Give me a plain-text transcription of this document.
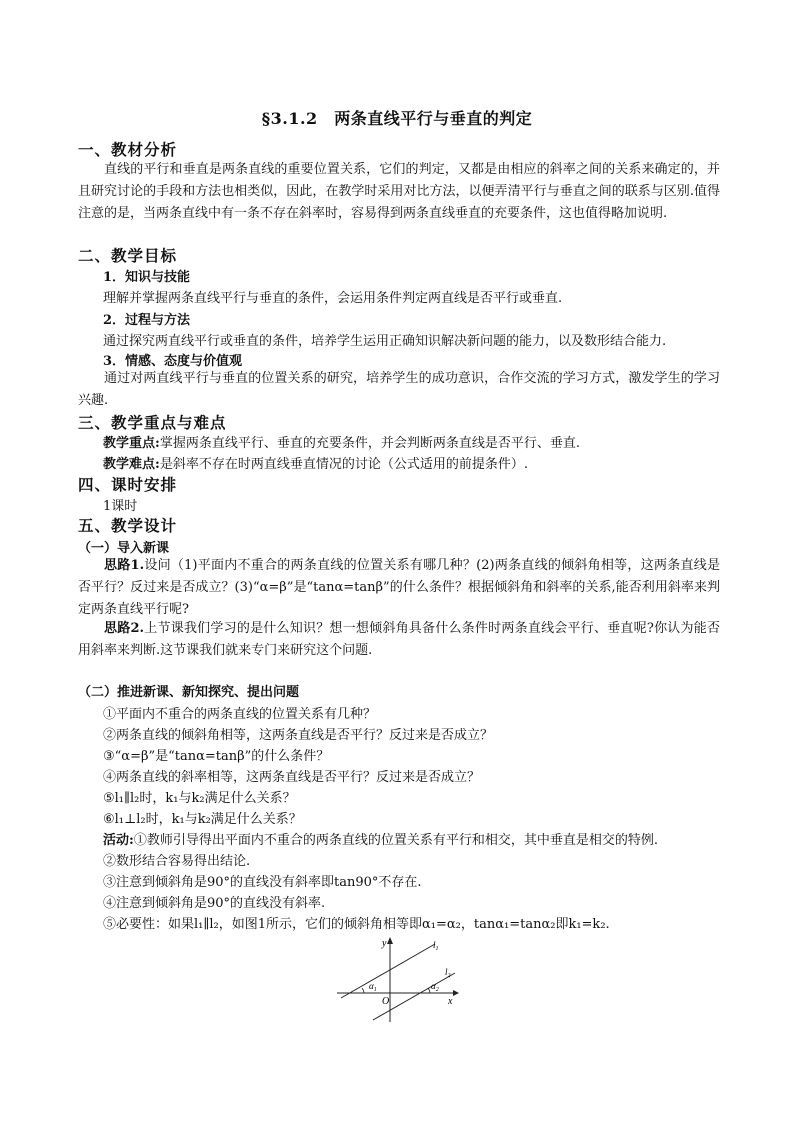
§3.1.2　两条直线平行与垂直的判定
一、教材分析
直线的平行和垂直是两条直线的重要位置关系，它们的判定，又都是由相应的斜率之间的关系来确定的，并且研究讨论的手段和方法也相类似，因此，在教学时采用对比方法，以便弄清平行与垂直之间的联系与区别.值得注意的是，当两条直线中有一条不存在斜率时，容易得到两条直线垂直的充要条件，这也值得略加说明.
二、教学目标
1．知识与技能
理解并掌握两条直线平行与垂直的条件，会运用条件判定两直线是否平行或垂直.
2．过程与方法
通过探究两直线平行或垂直的条件，培养学生运用正确知识解决新问题的能力，以及数形结合能力.
3．情感、态度与价值观
通过对两直线平行与垂直的位置关系的研究，培养学生的成功意识，合作交流的学习方式，激发学生的学习兴趣.
三、教学重点与难点
教学重点:掌握两条直线平行、垂直的充要条件，并会判断两条直线是否平行、垂直.
教学难点:是斜率不存在时两直线垂直情况的讨论（公式适用的前提条件）.
四、课时安排
1课时
五、教学设计
（一）导入新课
思路1.设问（1)平面内不重合的两条直线的位置关系有哪几种？(2)两条直线的倾斜角相等，这两条直线是否平行？反过来是否成立？(3)“α=β”是“tanα=tanβ”的什么条件？根据倾斜角和斜率的关系,能否利用斜率来判定两条直线平行呢?
思路2.上节课我们学习的是什么知识？想一想倾斜角具备什么条件时两条直线会平行、垂直呢?你认为能否用斜率来判断.这节课我们就来专门来研究这个问题.
（二）推进新课、新知探究、提出问题
①平面内不重合的两条直线的位置关系有几种？
②两条直线的倾斜角相等，这两条直线是否平行？反过来是否成立？
③“α=β”是“tanα=tanβ”的什么条件？
④两条直线的斜率相等，这两条直线是否平行？反过来是否成立？
⑤l₁∥l₂时，k₁与k₂满足什么关系？
⑥l₁⊥l₂时，k₁与k₂满足什么关系？
活动:①教师引导得出平面内不重合的两条直线的位置关系有平行和相交，其中垂直是相交的特例.
②数形结合容易得出结论.
③注意到倾斜角是90°的直线没有斜率即tan90°不存在.
④注意到倾斜角是90°的直线没有斜率.
⑤必要性：如果l₁∥l₂，如图1所示，它们的倾斜角相等即α₁=α₂，tanα₁=tanα₂即k₁=k₂.
y
x
O
$l_1$
$l_2$
$\alpha_1$	$\alpha_2$
